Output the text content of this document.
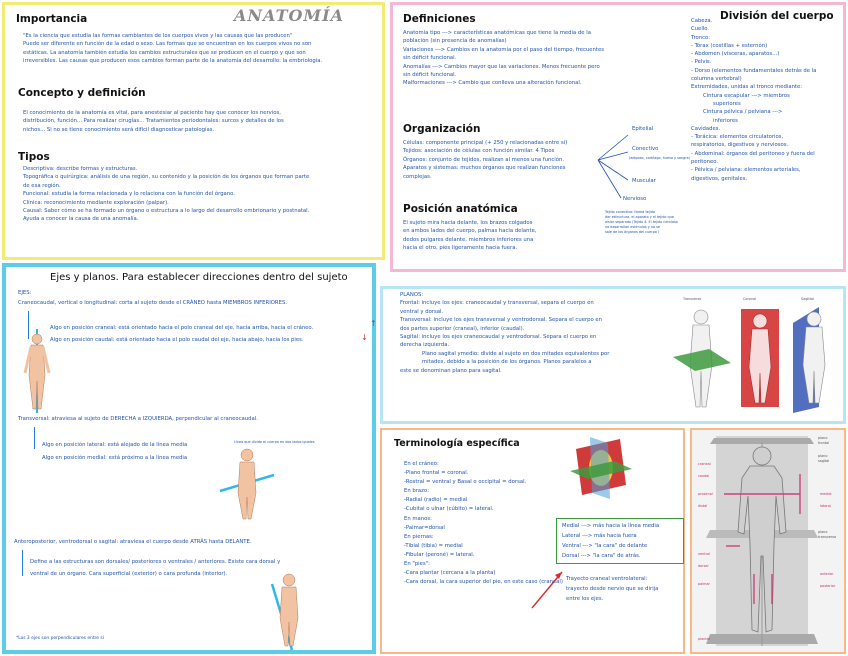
ANATOMÍA
Importancia

"Es la ciencia que estudia las formas cambiantes de los cuerpos vivos y las causas que las producen"

Puede ser diferente en función de la edad o sexo. Las formas que se encuentran en los cuerpos vivos no son

estáticas. La anatomía también estudia los cambios estructurales que se producen en el cuerpo y que son

irreversibles. Las causas que producen esos cambios forman parte de la anatomía del desarrollo: la embriología.

Concepto y definición

El conocimiento de la anatomía es vital, para anestesiar al paciente hay que conocer los nervios,

distribución, función... Para realizar cirugías... Tratamientos periodontales: surcos y detalles de los

nichos... Si no se tiene conocimiento será difícil diagnosticar patologías.

Tipos

Descriptiva: describe formas y estructuras.

Topográfica o quirúrgica: análisis de una región, su contenido y la posición de los órganos que forman parte

de esa región.

Funcional: estudia la forma relacionada y lo relaciona con la función del órgano.

Clínica: reconocimiento mediante exploración (palpar).

Causal: Saber cómo se ha formado un órgano o estructura a lo largo del desarrollo embrionario y postnatal.

Ayuda a conocer la causa de una anomalía.

Definiciones

Anatomía tipo ---> características anatómicas que tiene la media de la

población (sin presencia de anomalías)

Variaciones ---> Cambios en la anatomía por el paso del tiempo, frecuentes

sin déficit funcional.

Anomalías ---> Cambios mayor que las variaciones. Menos frecuente pero

sin déficit funcional.

Malformaciones ---> Cambio que conlleva una alteración funcional.

Organización

Células: componente principal (+ 250 y relacionadas entre sí)

Tejidos: asociación de células con función similar. 4 Tipos

Órganos: conjunto de tejidos, realizan al menos una función.

Aparatos y sistemas: muchos órganos que realizan funciones

complejas.

Epitelial
Conectivo
(adiposo, cartílago, hueso y sangre)
Muscular
Nervioso
Posición anatómica

El sujeto mira hacia delante, los brazos colgados

en ambos lados del cuerpo, palmas hacia delante,

dedos pulgares delante, miembros inferiores una

hacia el otro, pies ligeramente hacia fuera.

Tejido conectivo: forma tejido

dar estructura, el aparato y el tejido que

aislar separado (Tejido 4. El tejido nervioso

no desarrollan estímulos y no se

sale de los órganos del cuerpo )

División del cuerpo

Cabeza.

Cuello.

Tronco:

- Tórax (costillas + esternón)

- Abdomen (vísceras, aparatos...)

- Pelvis.

- Dorso (elementos fundamentales detrás de la

columna vertebral)

Extremidades, unidas al tronco mediante:

Cintura escapular ---> miembros

superiores

Cintura pélvica / pelviana --->

inferiores

Cavidades.

- Torácica: elementos circulatorios,

respiratorios, digestivos y nerviosos.

- Abdominal: órganos del peritoneo y fuera del

peritoneo.

- Pélvica / pelviana: elementos arteriales,

digestivos, genitales.

Ejes y planos. Para establecer direcciones dentro del sujeto
EJES:
Craneocaudal, vertical o longitudinal: corta al sujeto desde el CRÁNEO hasta MIEMBROS INFERIORES.
Algo en posición craneal: está orientado hacia el polo craneal del eje, hacia arriba, hacia el cráneo.
Algo en posición caudal: está orientado hacia el polo caudal del eje, hacia abajo, hacia los pies.
↑
↓
Transversal: atraviesa al sujeto de DERECHA a IZQUIERDA, perpendicular al craneocaudal.
Algo en posición lateral: está alejado de la línea media	Línea que divide el cuerpo en dos lados iguales
Algo en posición medial: está próximo a la línea media
Anteroposterior, ventrodorsal o sagital: atraviesa el cuerpo desde ATRÁS hasta DELANTE.
Define a las estructuras son dorsales/ posteriores o ventrales / anteriores. Existe cara dorsal y
ventral de un órgano. Cara superficial (exterior) o cara profunda (interior).
*Los 3 ejes son perpendiculares entre sí

PLANOS:

Frontal: incluye los ejes: craneocaudal y transversal, separa el cuerpo en

ventral y dorsal.

Transversal: incluye los ejes transversal y ventrodorsal. Separa el cuerpo en

dos partes superior (craneal), inferior (caudal).

Sagital: incluye los ejes craneocaudal y ventrodorsal. Separa el cuerpo en

derecha izquierda.

Plano sagital ymedio: divide al sujeto en dos mitades equivalentes por

mitades, debido a la posición de los órganos. Planos paralelos a

este se denominan plano para sagital.

Transverse	Coronal	Sagittal
Terminología específica

En el cráneo:

-Plano frontal = coronal.

-Rostral = ventral y Basal o occipital = dorsal.

En brazo:

-Radial (radio) = medial

-Cubital o ulnar (cúbito) = lateral.

En manos:

-Palmar=dorsal

En piernas:

-Tibial (tibia) = medial

-Fibular (peroné) = lateral.

En "pies":

-Cara plantar (cercana a la planta)

-Cara dorsal, la cara superior del pie, en este caso (craneal)

Medial ---> más hacia la línea media

Lateral ---> más hacia fuera

Ventral ---> "la cara" de delante

Dorsal ---> "la cara" de atrás.

Trayecto craneal ventrolateral:

trayecto desde nervio que se dirija

entre los ejes.

plano

frontal

plano

sagital

plano

transverso

medial
lateral
proximal
distal
craneal
caudal
ventral
dorsal
palmar
plantar
anterior
posterior
